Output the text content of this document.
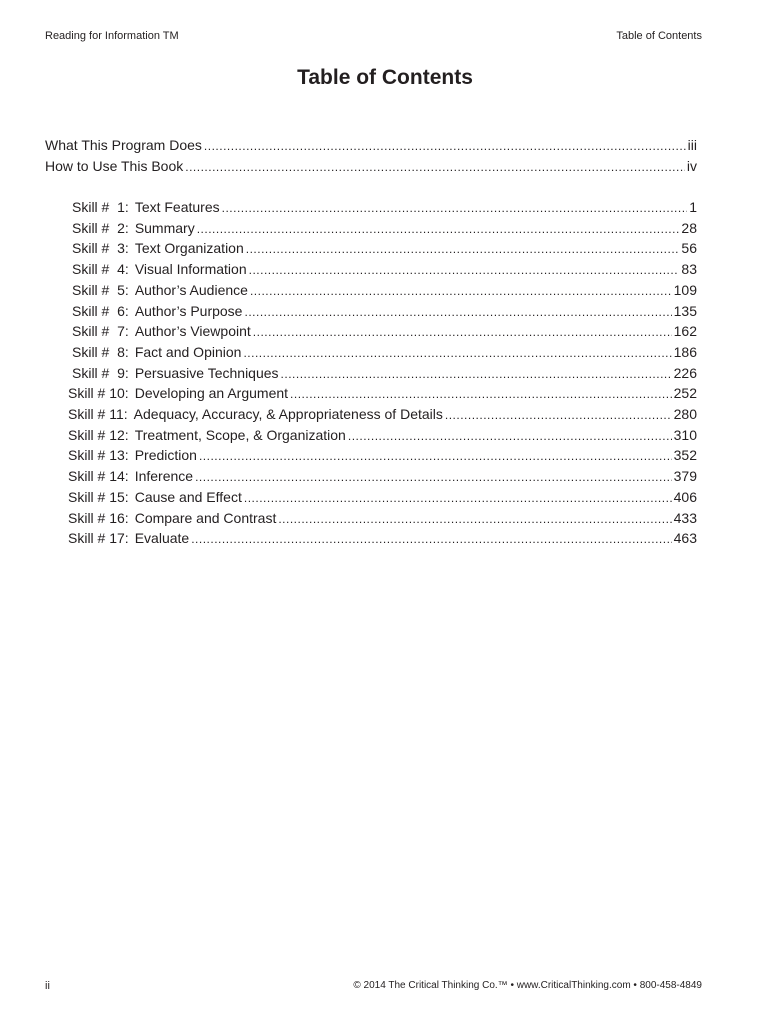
Reading for Information TM	Table of Contents
Table of Contents
What This Program Does .....	iii
How to Use This Book .....	iv
Skill #  1: Text Features .....	1
Skill #  2: Summary .....	28
Skill #  3: Text Organization .....	56
Skill #  4: Visual Information .....	83
Skill #  5: Author’s Audience .....	109
Skill #  6: Author’s Purpose .....	135
Skill #  7: Author’s Viewpoint .....	162
Skill #  8: Fact and Opinion .....	186
Skill #  9: Persuasive Techniques .....	226
Skill # 10: Developing an Argument .....	252
Skill # 11: Adequacy, Accuracy, & Appropriateness of Details .....	280
Skill # 12: Treatment, Scope, & Organization .....	310
Skill # 13: Prediction .....	352
Skill # 14: Inference .....	379
Skill # 15: Cause and Effect .....	406
Skill # 16: Compare and Contrast .....	433
Skill # 17: Evaluate .....	463
ii	© 2014 The Critical Thinking Co.™ • www.CriticalThinking.com • 800-458-4849
